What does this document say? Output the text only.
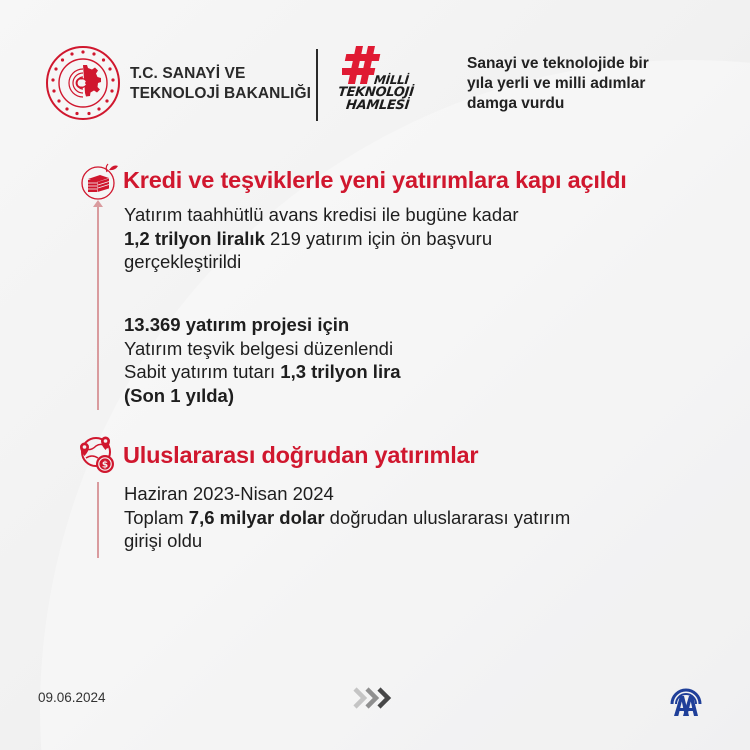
T.C. SANAYİ VE
TEKNOLOJİ BAKANLIĞI
MİLLİ
TEKNOLOJİ
HAMLESİ
Sanayi ve teknolojide bir
yıla yerli ve milli adımlar
damga vurdu
Kredi ve teşviklerle yeni yatırımlara kapı açıldı
Yatırım taahhütlü avans kredisi ile bugüne kadar
1,2 trilyon liralık 219 yatırım için ön başvuru
gerçekleştirildi
13.369 yatırım projesi için
Yatırım teşvik belgesi düzenlendi
Sabit yatırım tutarı 1,3 trilyon lira
(Son 1 yılda)
$ Uluslararası doğrudan yatırımlar
Haziran 2023-Nisan 2024
Toplam 7,6 milyar dolar doğrudan uluslararası yatırım
girişi oldu
09.06.2024
